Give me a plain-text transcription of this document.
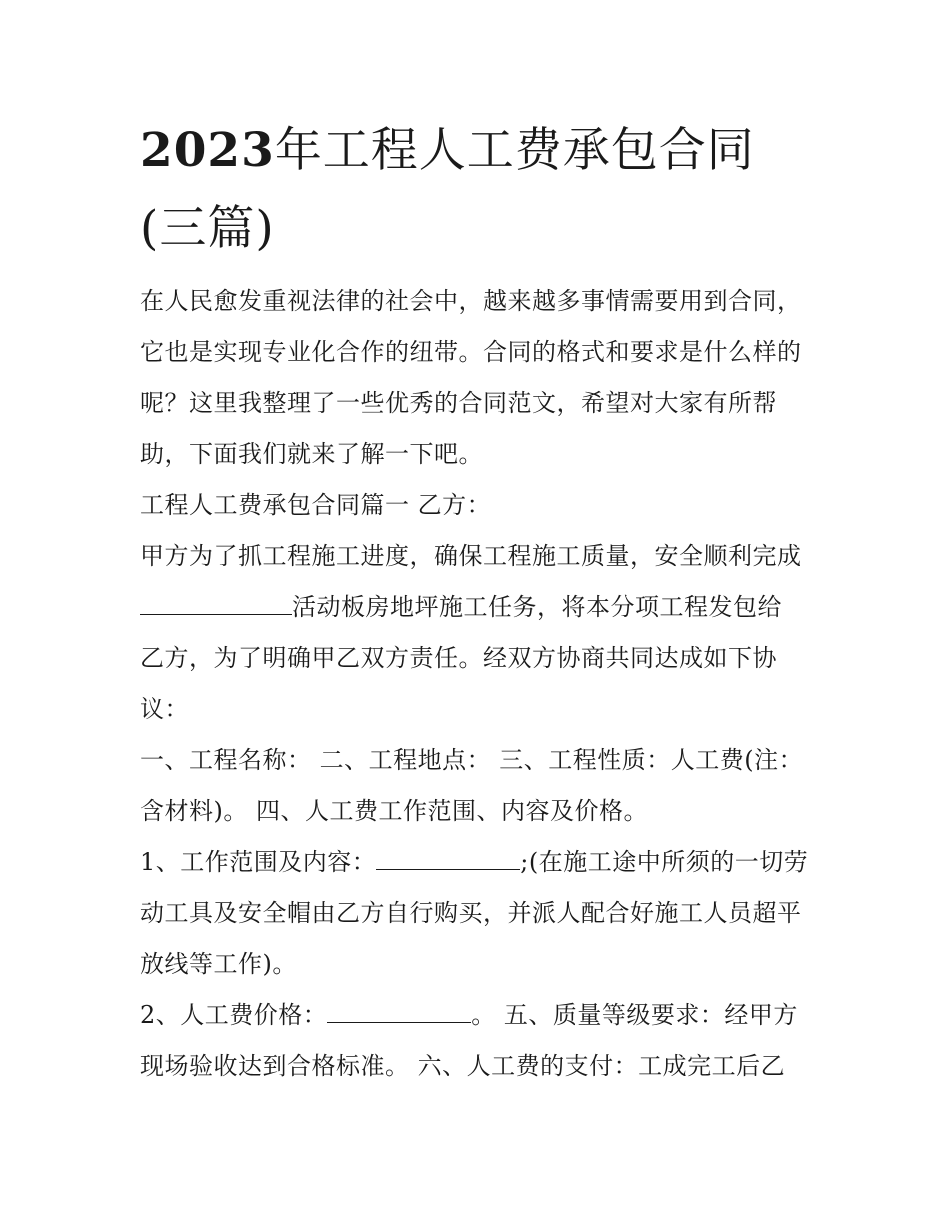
2023年工程人工费承包合同
(三篇)

在人民愈发重视法律的社会中，越来越多事情需要用到合同，
它也是实现专业化合作的纽带。合同的格式和要求是什么样的
呢？这里我整理了一些优秀的合同范文，希望对大家有所帮
助，下面我们就来了解一下吧。

工程人工费承包合同篇一 乙方：

甲方为了抓工程施工进度，确保工程施工质量，安全顺利完成
活动板房地坪施工任务，将本分项工程发包给
乙方，为了明确甲乙双方责任。经双方协商共同达成如下协
议：

一、工程名称： 二、工程地点： 三、工程性质：人工费(注：
含材料)。 四、人工费工作范围、内容及价格。

1、工作范围及内容：	;(在施工途中所须的一切劳
动工具及安全帽由乙方自行购买，并派人配合好施工人员超平
放线等工作)。

2、人工费价格：	。 五、质量等级要求：经甲方
现场验收达到合格标准。 六、人工费的支付：工成完工后乙
